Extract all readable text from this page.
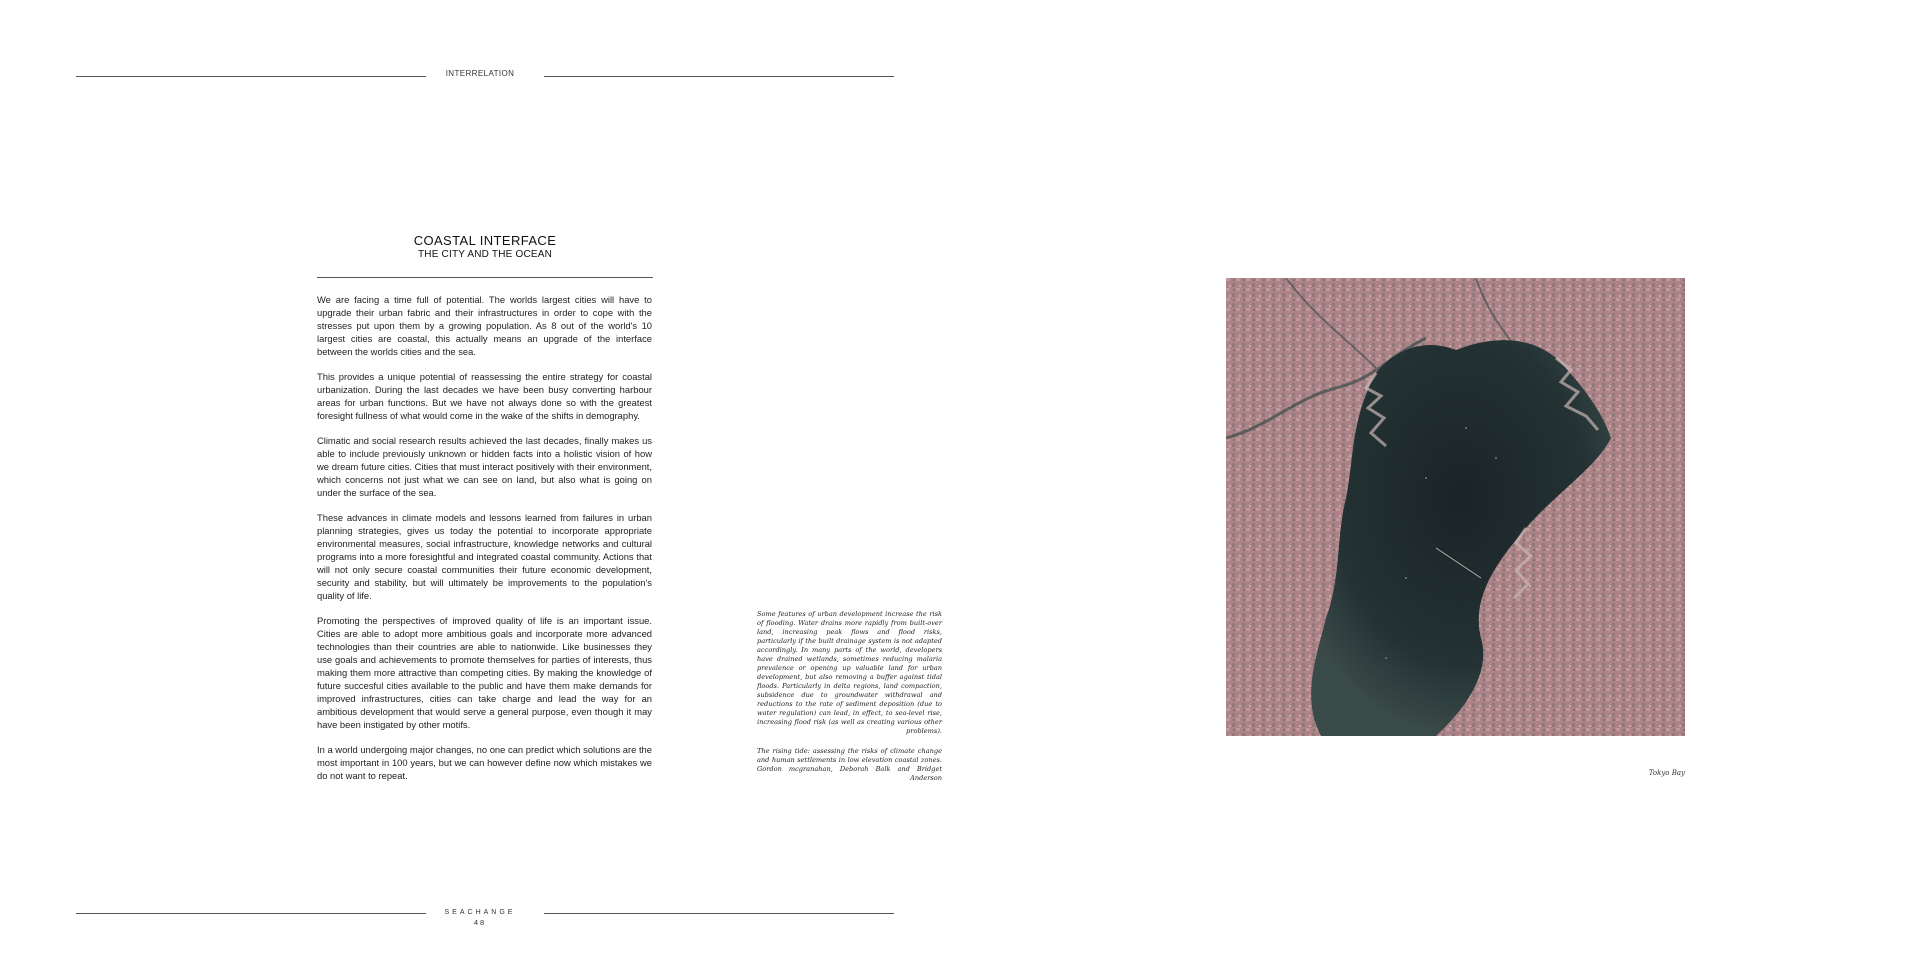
INTERRELATION
COASTAL INTERFACE
THE CITY AND THE OCEAN

We are facing a time full of potential. The worlds largest cities will have to upgrade their urban fabric and their infrastructures in order to cope with the stresses put upon them by a growing population. As 8 out of the world's 10 largest cities are coastal, this actually means an upgrade of the interface between the worlds cities and the sea.

This provides a unique potential of reassessing the entire strategy for coastal urbanization. During the last decades we have been busy converting harbour areas for urban functions. But we have not always done so with the greatest foresight fullness of what would come in the wake of the shifts in demography.

Climatic and social research results achieved the last decades, finally makes us able to include previously unknown or hidden facts into a holistic vision of how we dream future cities. Cities that must interact positively with their environment, which concerns not just what we can see on land, but also what is going on under the surface of the sea.

These advances in climate models and lessons learned from failures in urban planning strategies, gives us today the potential to incorporate appropriate environmental measures, social infrastructure, knowledge networks and cultural programs into a more foresightful and integrated coastal community. Actions that will not only secure coastal communities their future economic development, security and stability, but will ultimately be improvements to the population's quality of life.

Promoting the perspectives of improved quality of life is an important issue. Cities are able to adopt more ambitious goals and incorporate more advanced technologies than their countries are able to nationwide. Like businesses they use goals and achievements to promote themselves for parties of interests, thus making them more attractive than competing cities. By making the knowledge of future succesful cities available to the public and have them make demands for improved infrastructures, cities can take charge and lead the way for an ambitious development that would serve a general purpose, even though it may have been instigated by other motifs.

In a world undergoing major changes, no one can predict which solutions are the most important in 100 years, but we can however define now which mistakes we do not want to repeat.

Some features of urban development increase the risk of flooding. Water drains more rapidly from built-over land, increasing peak flows and flood risks, particularly if the built drainage system is not adapted accordingly. In many parts of the world, developers have drained wetlands, sometimes reducing malaria prevalence or opening up valuable land for urban development, but also removing a buffer against tidal floods. Particularly in delta regions, land compaction, subsidence due to groundwater withdrawal and reductions to the rate of sediment deposition (due to water regulation) can lead, in effect, to sea-level rise, increasing flood risk (as well as creating various other problems).

The rising tide: assessing the risks of climate change and human settlements in low elevation coastal zones. Gordon mcgranahan, Deborah Balk and Bridget Anderson

Tokyo Bay
SEACHANGE
48
